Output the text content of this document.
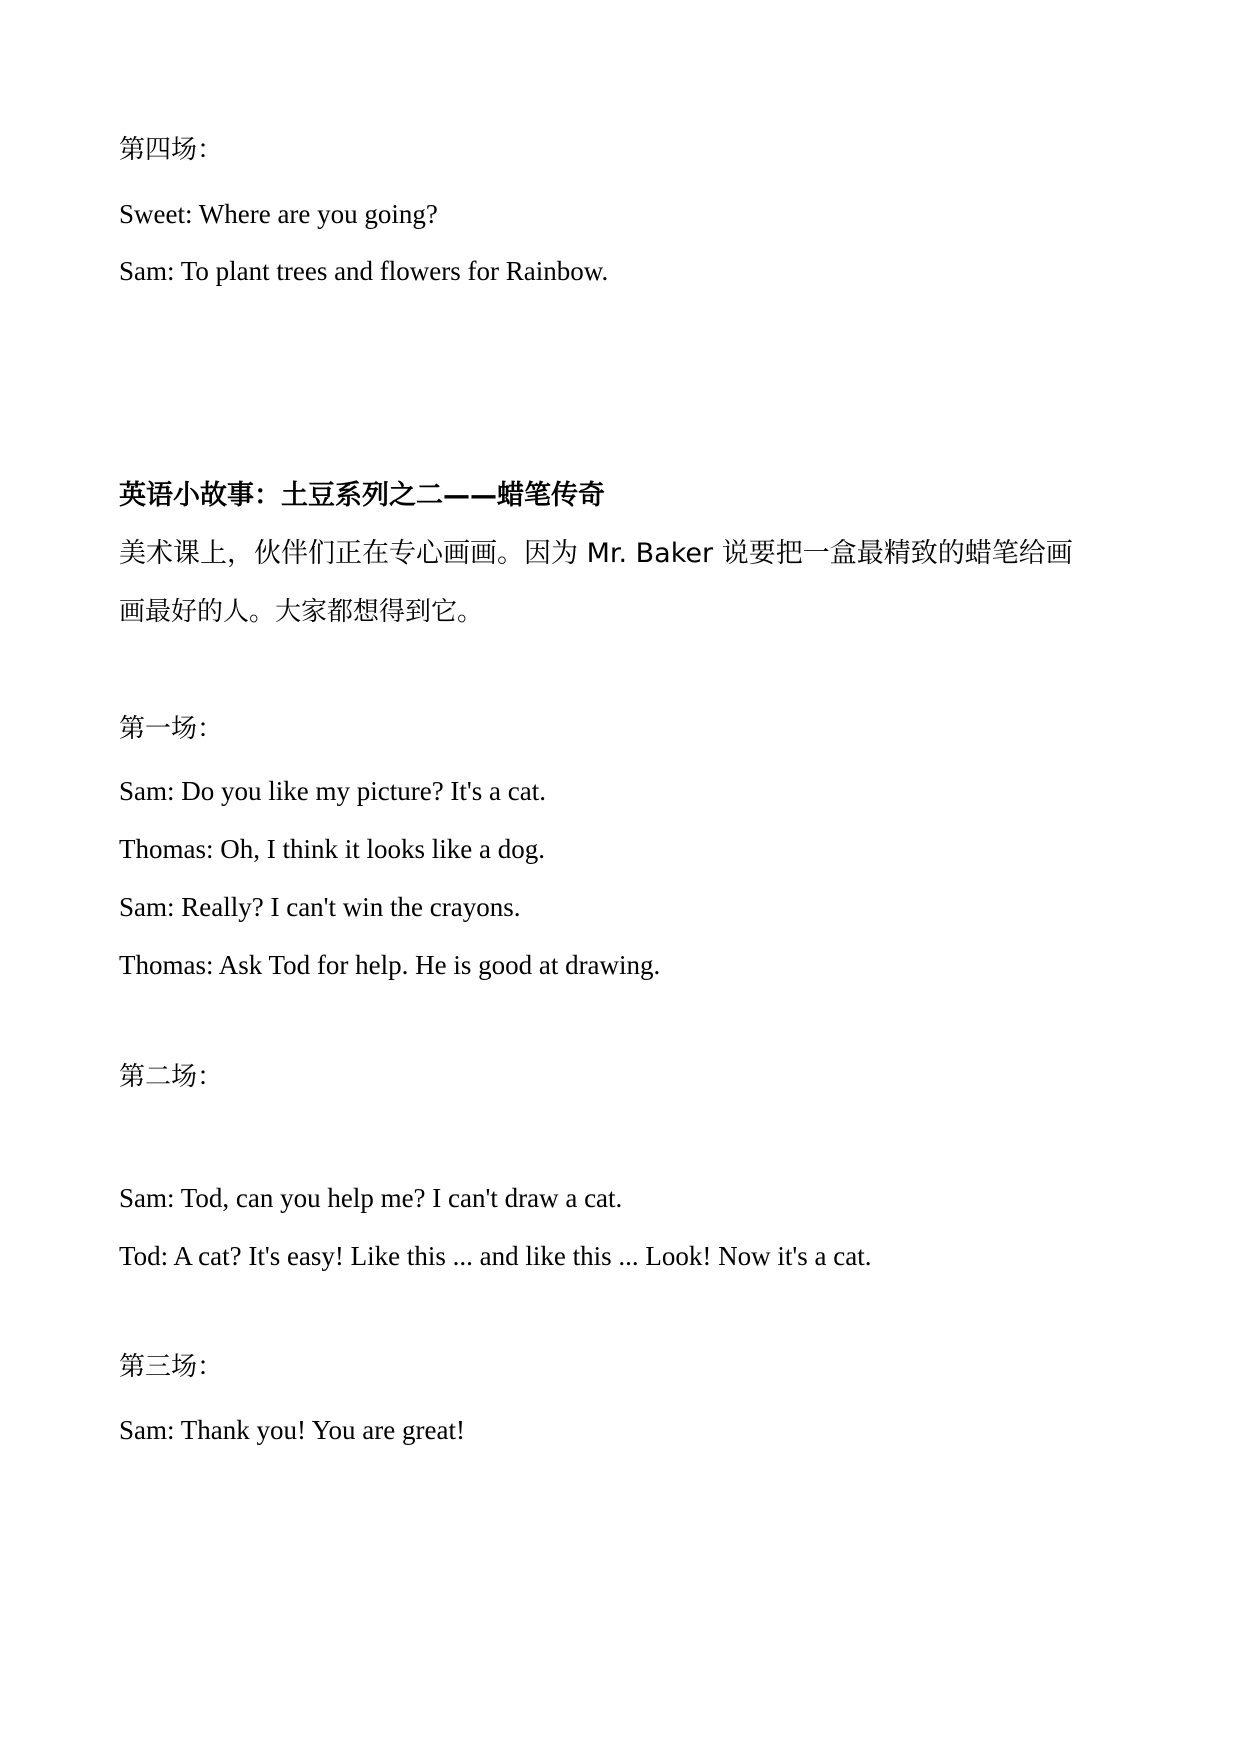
第四场：
Sweet: Where are you going?
Sam: To plant trees and flowers for Rainbow.
英语小故事：土豆系列之二——蜡笔传奇
美术课上，伙伴们正在专心画画。因为 Mr. Baker 说要把一盒最精致的蜡笔给画
画最好的人。大家都想得到它。
第一场：
Sam: Do you like my picture? It's a cat.
Thomas: Oh, I think it looks like a dog.
Sam: Really? I can't win the crayons.
Thomas: Ask Tod for help. He is good at drawing.
第二场：
Sam: Tod, can you help me? I can't draw a cat.
Tod: A cat? It's easy! Like this ... and like this ... Look! Now it's a cat.
第三场：
Sam: Thank you! You are great!
